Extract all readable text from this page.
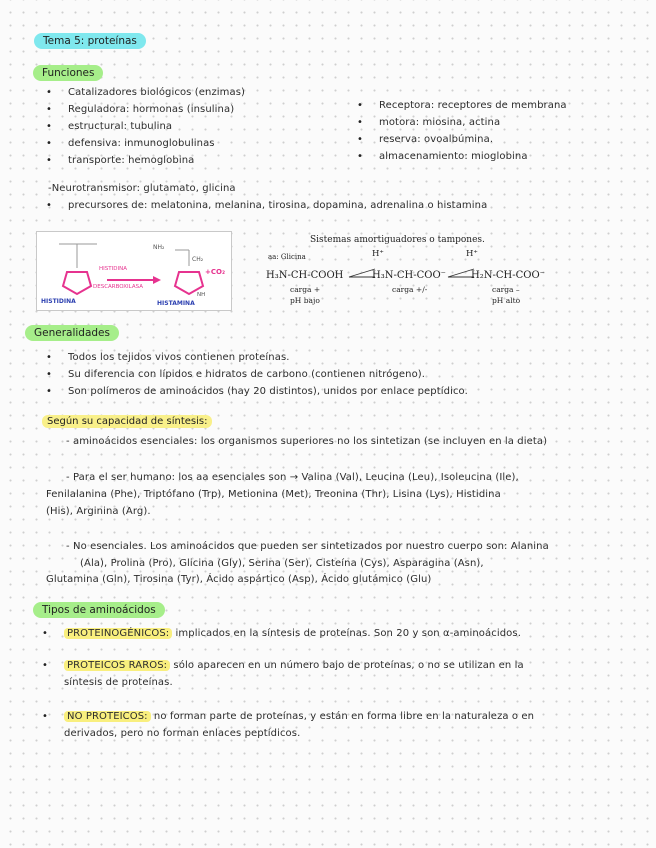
Tema 5: proteínas
Funciones
• Catalizadores biológicos (enzimas)
• Reguladora: hormonas (insulina)
• estructural: tubulina
• defensiva: inmunoglobulinas
• transporte: hemoglobina
• Receptora: receptores de membrana
• motora: miosina, actina
• reserva: ovoalbúmina.
• almacenamiento: mioglobina
-Neurotransmisor: glutamato, glicina
• precursores de: melatonina, melanina, tirosina, dopamina, adrenalina o histamina
HISTIDINA
HISTIDINA
DESCARBOXILASA
NH₂
CH₂
NH
HISTAMINA
+CO₂
Sistemas amortiguadores o tampones.
aa: Glicina	H⁺	H⁺
H₃N-CH-COOH	H₃N-CH-COO⁻	H₂N-CH-COO⁻
carga +
pH bajo
carga +/-	carga –
pH alto
Generalidades
• Todos los tejidos vivos contienen proteínas.
• Su diferencia con lípidos e hidratos de carbono (contienen nitrógeno).
• Son polímeros de aminoácidos (hay 20 distintos), unidos por enlace peptídico.
Según su capacidad de síntesis:
- aminoácidos esenciales: los organismos superiores no los sintetizan (se incluyen en la dieta)
- Para el ser humano: los aa esenciales son → Valina (Val), Leucina (Leu), Isoleucina (Ile),
Fenilalanina (Phe), Triptófano (Trp), Metionina (Met), Treonina (Thr), Lisina (Lys), Histidina
(His), Arginina (Arg).
- No esenciales. Los aminoácidos que pueden ser sintetizados por nuestro cuerpo son: Alanina
(Ala), Prolina (Pro), Glicina (Gly), Serina (Ser), Cisteína (Cys), Asparagina (Asn),
Glutamina (Gln), Tirosina (Tyr), Ácido aspártico (Asp), Ácido glutámico (Glu)
Tipos de aminoácidos
• PROTEINOGÉNICOS: implicados en la síntesis de proteínas. Son 20 y son α-aminoácidos.
• PROTEICOS RAROS: sólo aparecen en un número bajo de proteínas, o no se utilizan en la
síntesis de proteínas.
• NO PROTEICOS: no forman parte de proteínas, y están en forma libre en la naturaleza o en
derivados, pero no forman enlaces peptídicos.
